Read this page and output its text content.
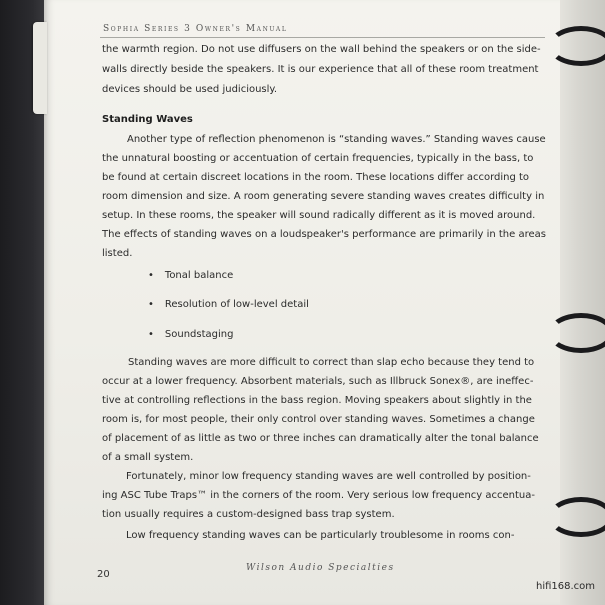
Sophia Series 3 Owner's Manual
the warmth region. Do not use diffusers on the wall behind the speakers or on the side-
walls directly beside the speakers. It is our experience that all of these room treatment
devices should be used judiciously.
Standing Waves
Another type of reflection phenomenon is “standing waves.” Standing waves cause
the unnatural boosting or accentuation of certain frequencies, typically in the bass, to
be found at certain discreet locations in the room. These locations differ according to
room dimension and size. A room generating severe standing waves creates difficulty in
setup. In these rooms, the speaker will sound radically different as it is moved around.
The effects of standing waves on a loudspeaker's performance are primarily in the areas
listed.
• Tonal balance
• Resolution of low-level detail
• Soundstaging
Standing waves are more difficult to correct than slap echo because they tend to
occur at a lower frequency. Absorbent materials, such as Illbruck Sonex®, are ineffec-
tive at controlling reflections in the bass region. Moving speakers about slightly in the
room is, for most people, their only control over standing waves. Sometimes a change
of placement of as little as two or three inches can dramatically alter the tonal balance
of a small system.
Fortunately, minor low frequency standing waves are well controlled by position-
ing ASC Tube Traps™ in the corners of the room. Very serious low frequency accentua-
tion usually requires a custom-designed bass trap system.
Low frequency standing waves can be particularly troublesome in rooms con-
Wilson Audio Specialties
20
hifi168.com
